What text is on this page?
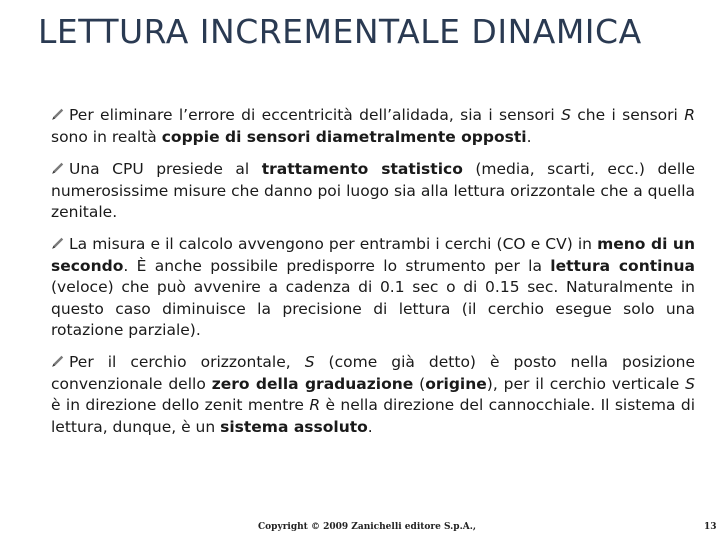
LETTURA INCREMENTALE DINAMICA

Per eliminare l’errore di eccentricità dell’alidada, sia i sensori S che i sensori R sono in realtà coppie di sensori diametralmente opposti.

Una CPU presiede al trattamento statistico (media, scarti, ecc.) delle numerosissime misure che danno poi luogo sia alla lettura orizzontale che a quella zenitale.

La misura e il calcolo avvengono per entrambi i cerchi (CO e CV) in meno di un secondo. È anche possibile predisporre lo strumento per la lettura continua (veloce) che può avvenire a cadenza di 0.1 sec o di 0.15 sec. Naturalmente in questo caso diminuisce la precisione di lettura (il cerchio esegue solo una rotazione parziale).

Per il cerchio orizzontale, S (come già detto) è posto nella posizione convenzionale dello zero della graduazione (origine), per il cerchio verticale S è in direzione dello zenit mentre R è nella direzione del cannocchiale. Il sistema di lettura, dunque, è un sistema assoluto.

Copyright © 2009 Zanichelli editore S.p.A.,	13
